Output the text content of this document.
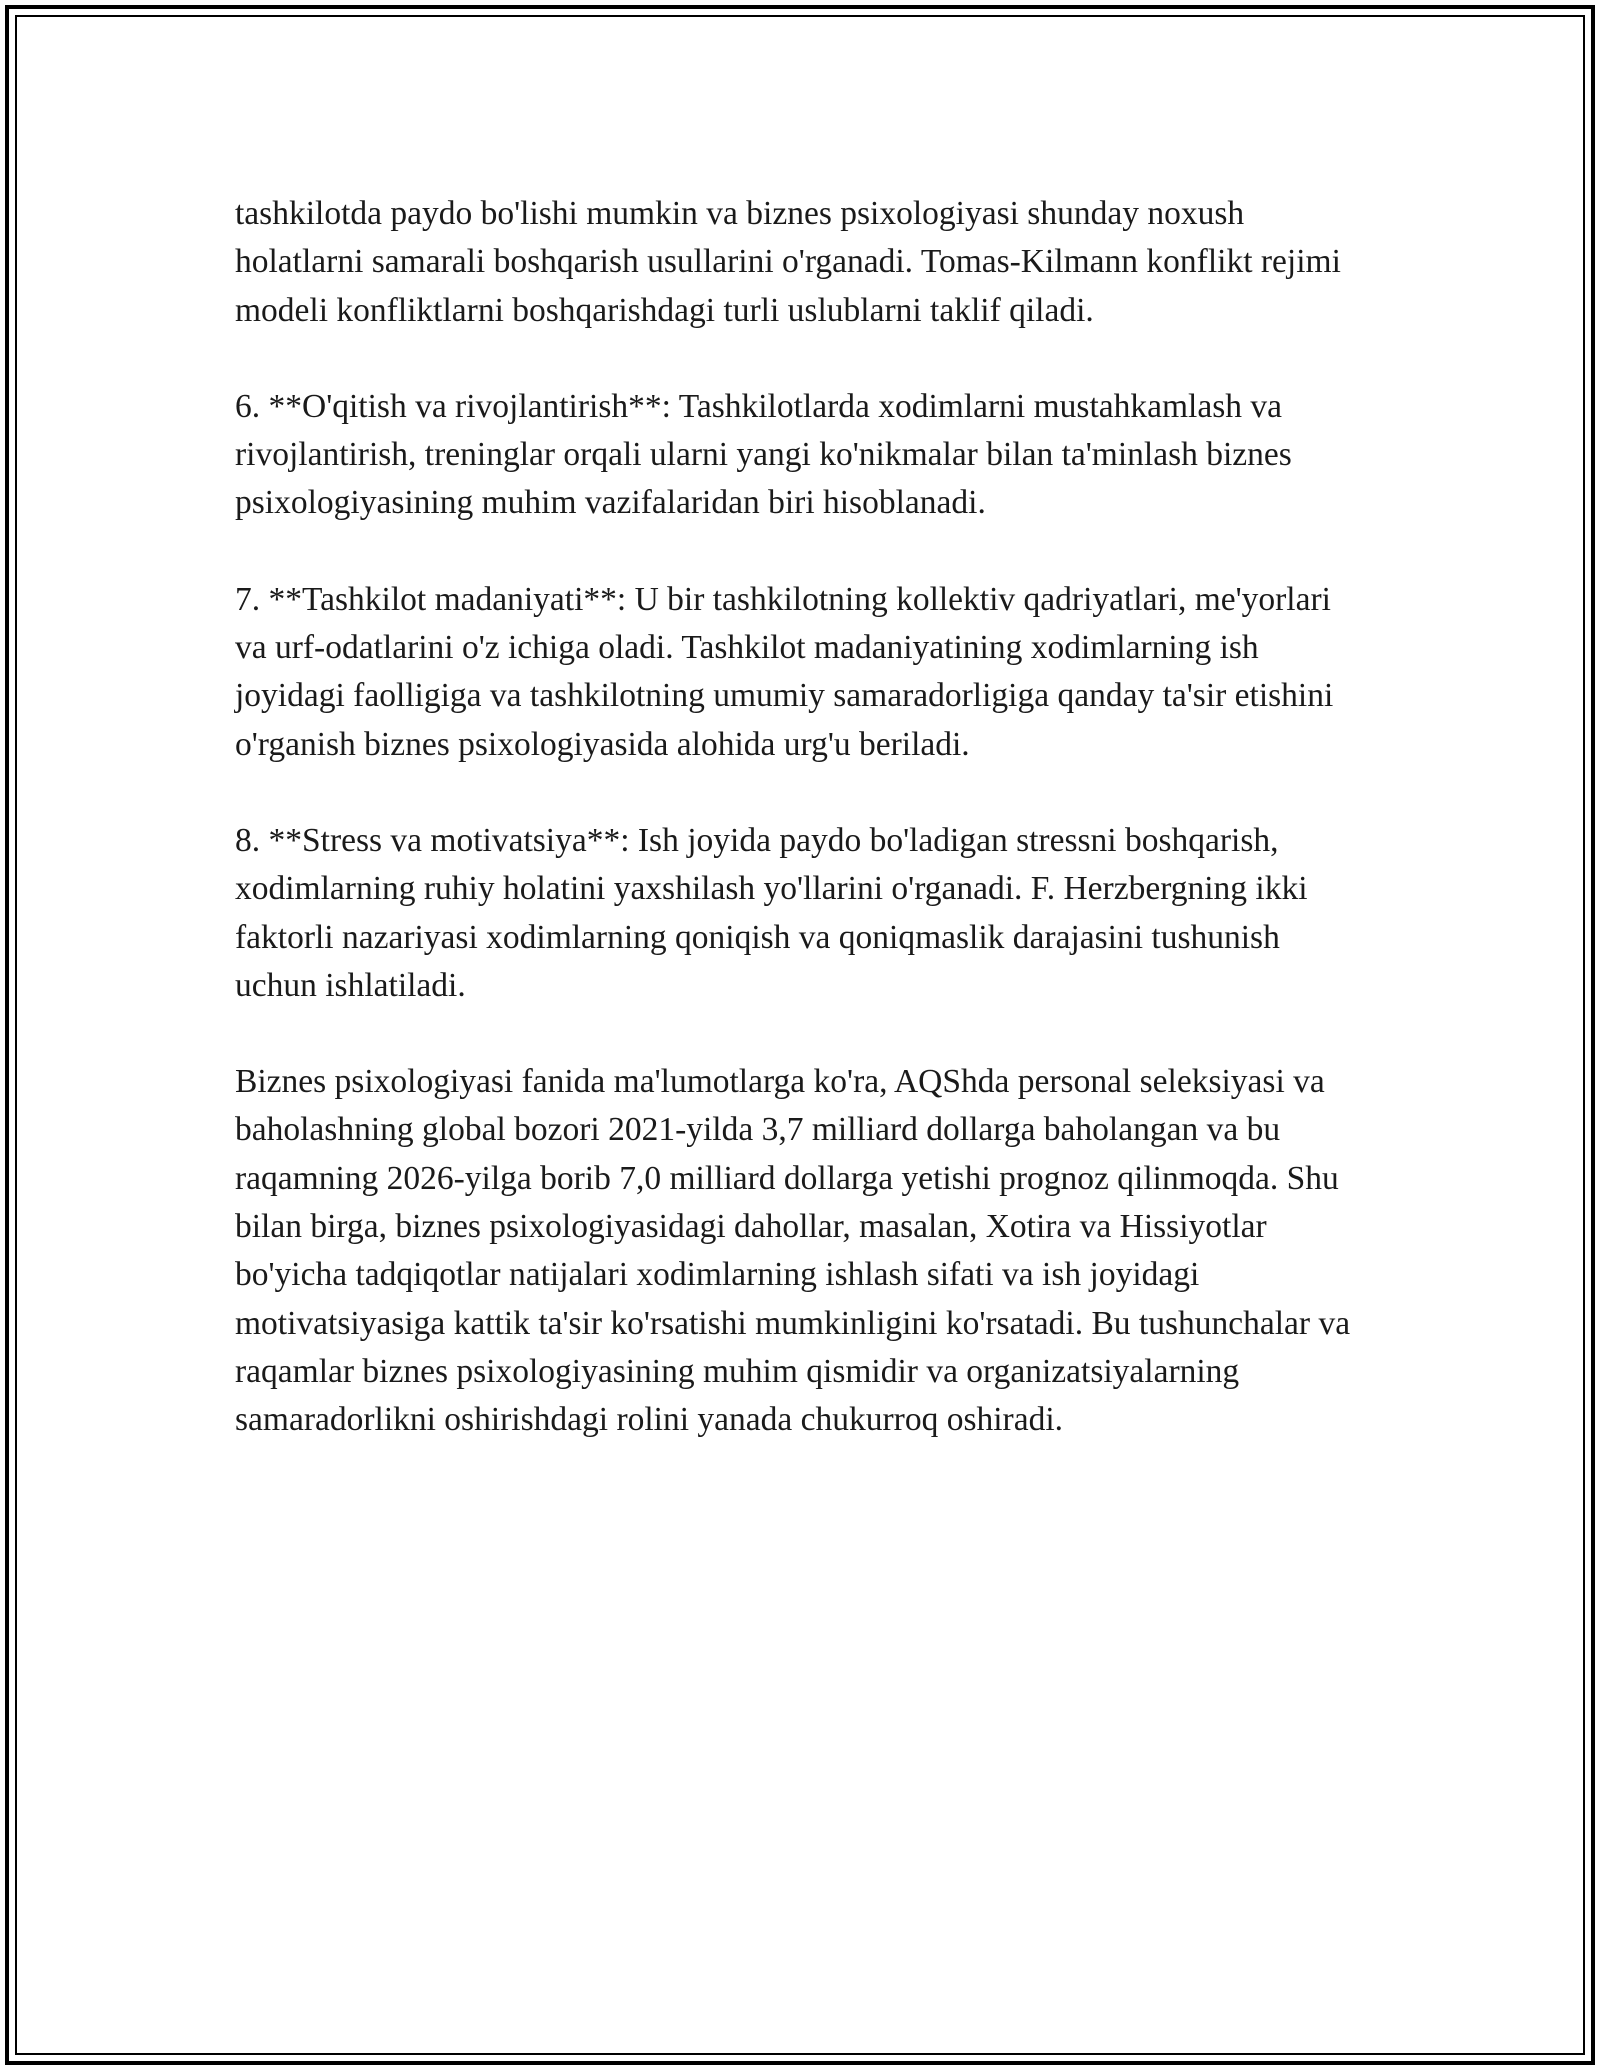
tashkilotda paydo bo'lishi mumkin va biznes psixologiyasi shunday noxush holatlarni samarali boshqarish usullarini o'rganadi. Tomas-Kilmann konflikt rejimi modeli konfliktlarni boshqarishdagi turli uslublarni taklif qiladi.

6. **O'qitish va rivojlantirish**: Tashkilotlarda xodimlarni mustahkamlash va rivojlantirish, treninglar orqali ularni yangi ko'nikmalar bilan ta'minlash biznes psixologiyasining muhim vazifalaridan biri hisoblanadi.

7. **Tashkilot madaniyati**: U bir tashkilotning kollektiv qadriyatlari, me'yorlari va urf-odatlarini o'z ichiga oladi. Tashkilot madaniyatining xodimlarning ish joyidagi faolligiga va tashkilotning umumiy samaradorligiga qanday ta'sir etishini o'rganish biznes psixologiyasida alohida urg'u beriladi.

8. **Stress va motivatsiya**: Ish joyida paydo bo'ladigan stressni boshqarish, xodimlarning ruhiy holatini yaxshilash yo'llarini o'rganadi. F. Herzbergning ikki faktorli nazariyasi xodimlarning qoniqish va qoniqmaslik darajasini tushunish uchun ishlatiladi.

Biznes psixologiyasi fanida ma'lumotlarga ko'ra, AQShda personal seleksiyasi va baholashning global bozori 2021-yilda 3,7 milliard dollarga baholangan va bu raqamning 2026-yilga borib 7,0 milliard dollarga yetishi prognoz qilinmoqda. Shu bilan birga, biznes psixologiyasidagi dahollar, masalan, Xotira va Hissiyotlar bo'yicha tadqiqotlar natijalari xodimlarning ishlash sifati va ish joyidagi motivatsiyasiga kattik ta'sir ko'rsatishi mumkinligini ko'rsatadi. Bu tushunchalar va raqamlar biznes psixologiyasining muhim qismidir va organizatsiyalarning samaradorlikni oshirishdagi rolini yanada chukurroq oshiradi.
